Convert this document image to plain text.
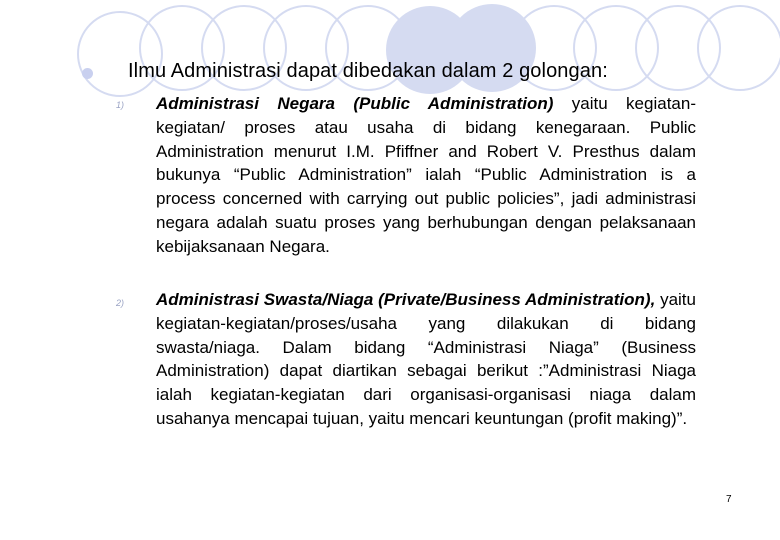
Ilmu Administrasi dapat dibedakan dalam 2 golongan:
1) Administrasi Negara (Public Administration) yaitu kegiatan-kegiatan/ proses atau usaha di bidang kenegaraan. Public Administration menurut I.M. Pfiffner and Robert V. Presthus dalam bukunya “Public Administration” ialah “Public Administration is a process concerned with carrying out public policies”, jadi administrasi negara adalah suatu proses yang berhubungan dengan pelaksanaan kebijaksanaan Negara.
2) Administrasi Swasta/Niaga (Private/Business Administration), yaitu kegiatan-kegiatan/proses/usaha yang dilakukan di bidang swasta/niaga. Dalam bidang “Administrasi Niaga” (Business Administration) dapat diartikan sebagai berikut :”Administrasi Niaga ialah kegiatan-kegiatan dari organisasi-organisasi niaga dalam usahanya mencapai tujuan, yaitu mencari keuntungan (profit making)”.
7
